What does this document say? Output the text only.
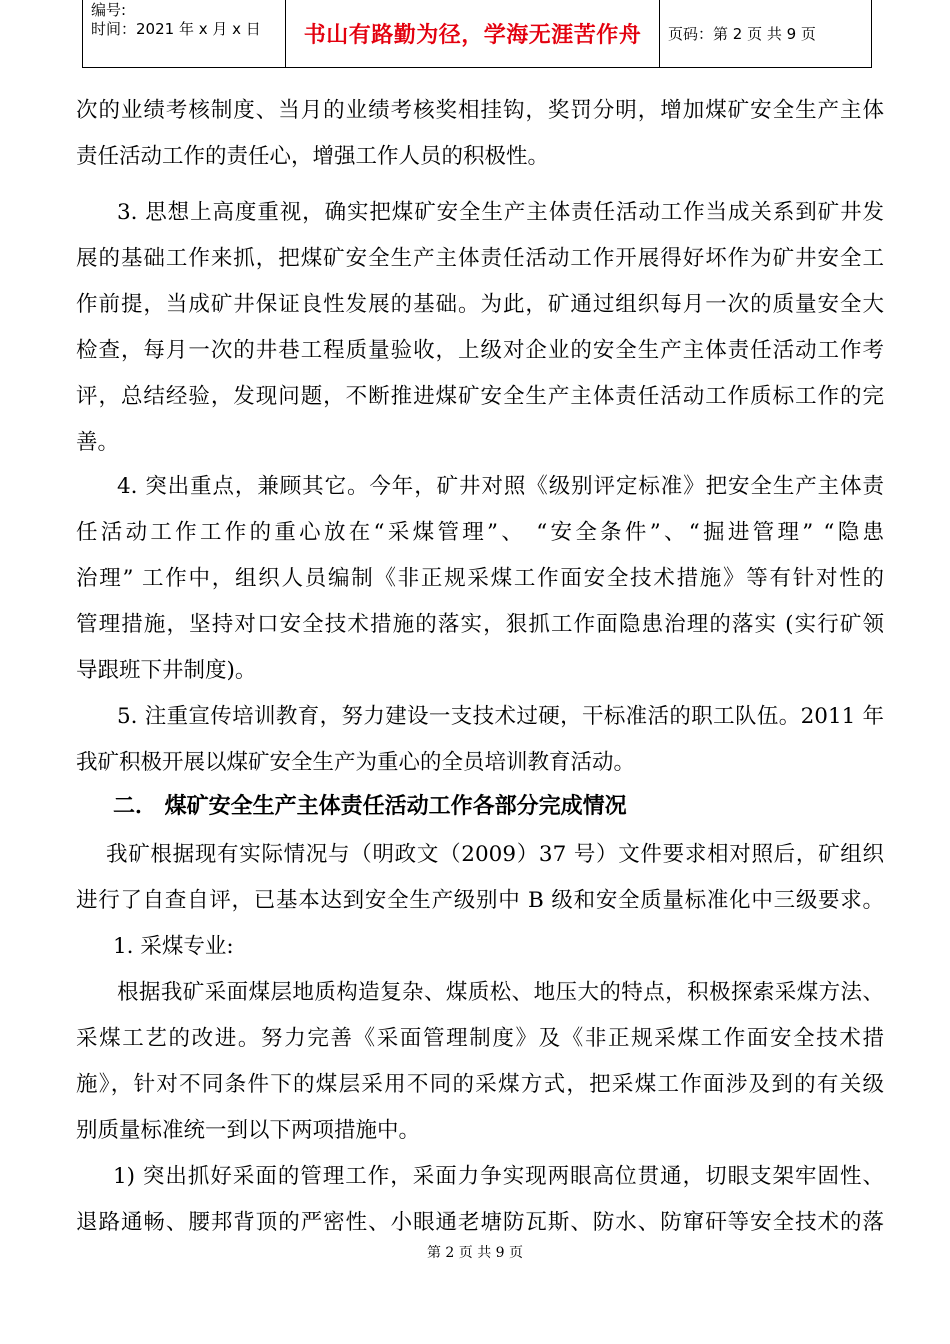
编号:
时间：2021 年 x 月 x 日	书山有路勤为径，学海无涯苦作舟	页码：第 2 页 共 9 页
次的业绩考核制度、当月的业绩考核奖相挂钩，奖罚分明，增加煤矿安全生产主体
责任活动工作的责任心，增强工作人员的积极性。
3. 思想上高度重视，确实把煤矿安全生产主体责任活动工作当成关系到矿井发
展的基础工作来抓，把煤矿安全生产主体责任活动工作开展得好坏作为矿井安全工
作前提，当成矿井保证良性发展的基础。为此，矿通过组织每月一次的质量安全大
检查，每月一次的井巷工程质量验收，上级对企业的安全生产主体责任活动工作考
评，总结经验，发现问题，不断推进煤矿安全生产主体责任活动工作质标工作的完
善。
4. 突出重点，兼顾其它。今年，矿井对照《级别评定标准》把安全生产主体责
任活动工作工作的重心放在“采煤管理”、 “安全条件”、“掘进管理” “隐患
治理” 工作中，组织人员编制《非正规采煤工作面安全技术措施》等有针对性的
管理措施，坚持对口安全技术措施的落实，狠抓工作面隐患治理的落实 (实行矿领
导跟班下井制度)。
5. 注重宣传培训教育，努力建设一支技术过硬，干标准活的职工队伍。2011 年
我矿积极开展以煤矿安全生产为重心的全员培训教育活动。
二． 煤矿安全生产主体责任活动工作各部分完成情况
我矿根据现有实际情况与（明政文（2009）37 号）文件要求相对照后，矿组织
进行了自查自评，已基本达到安全生产级别中 B 级和安全质量标准化中三级要求。
1. 采煤专业:
根据我矿采面煤层地质构造复杂、煤质松、地压大的特点，积极探索采煤方法、
采煤工艺的改进。努力完善《采面管理制度》及《非正规采煤工作面安全技术措
施》，针对不同条件下的煤层采用不同的采煤方式，把采煤工作面涉及到的有关级
别质量标准统一到以下两项措施中。
1) 突出抓好采面的管理工作，采面力争实现两眼高位贯通，切眼支架牢固性、
退路通畅、腰邦背顶的严密性、小眼通老塘防瓦斯、防水、防窜矸等安全技术的落
第 2 页 共 9 页
